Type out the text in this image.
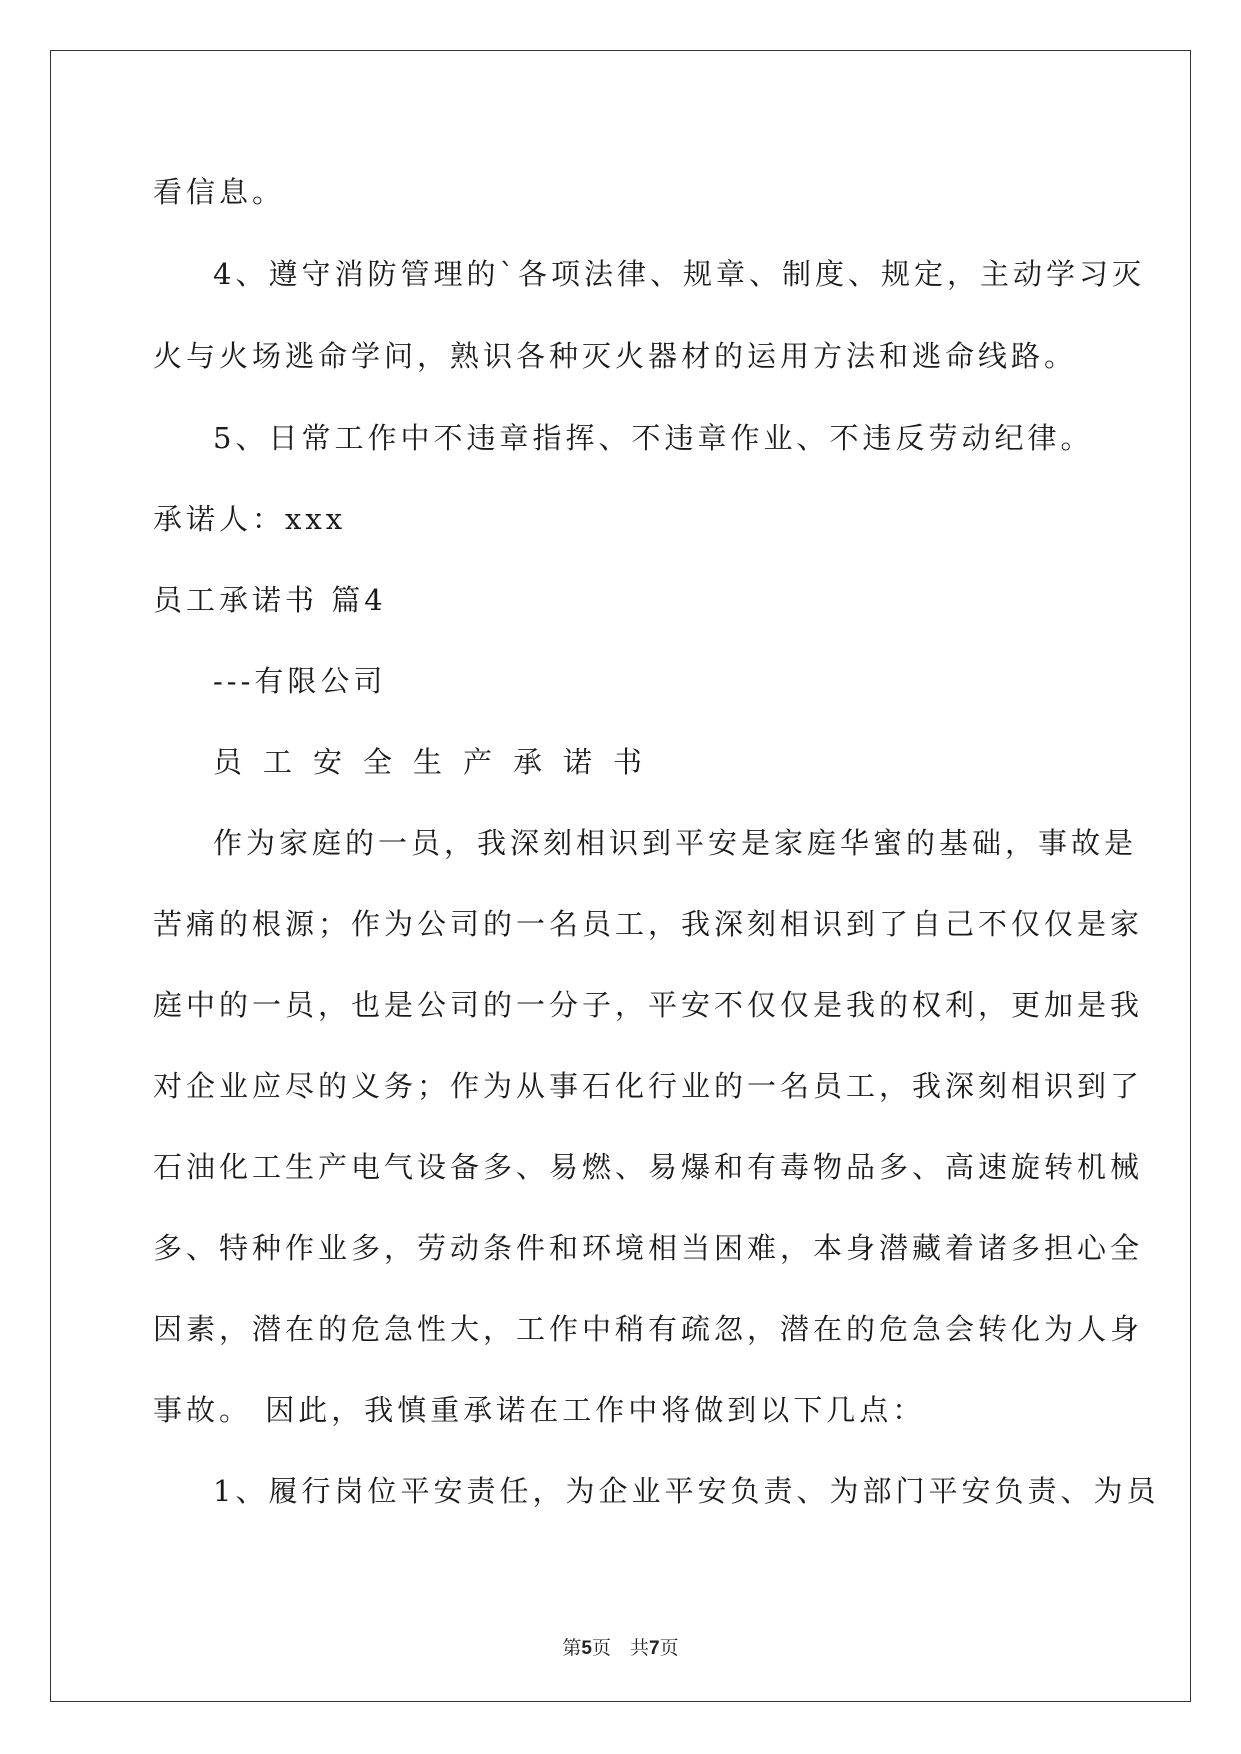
看信息。
4、遵守消防管理的`各项法律、规章、制度、规定，主动学习灭
火与火场逃命学问，熟识各种灭火器材的运用方法和逃命线路。
5、日常工作中不违章指挥、不违章作业、不违反劳动纪律。
承诺人：xxx
员工承诺书 篇4
---有限公司
员工安全生产承诺书
作为家庭的一员，我深刻相识到平安是家庭华蜜的基础，事故是
苦痛的根源；作为公司的一名员工，我深刻相识到了自己不仅仅是家
庭中的一员，也是公司的一分子，平安不仅仅是我的权利，更加是我
对企业应尽的义务；作为从事石化行业的一名员工，我深刻相识到了
石油化工生产电气设备多、易燃、易爆和有毒物品多、高速旋转机械
多、特种作业多，劳动条件和环境相当困难，本身潜藏着诸多担心全
因素，潜在的危急性大，工作中稍有疏忽，潜在的危急会转化为人身
事故。 因此，我慎重承诺在工作中将做到以下几点：
1、履行岗位平安责任，为企业平安负责、为部门平安负责、为员
第5页　共7页
